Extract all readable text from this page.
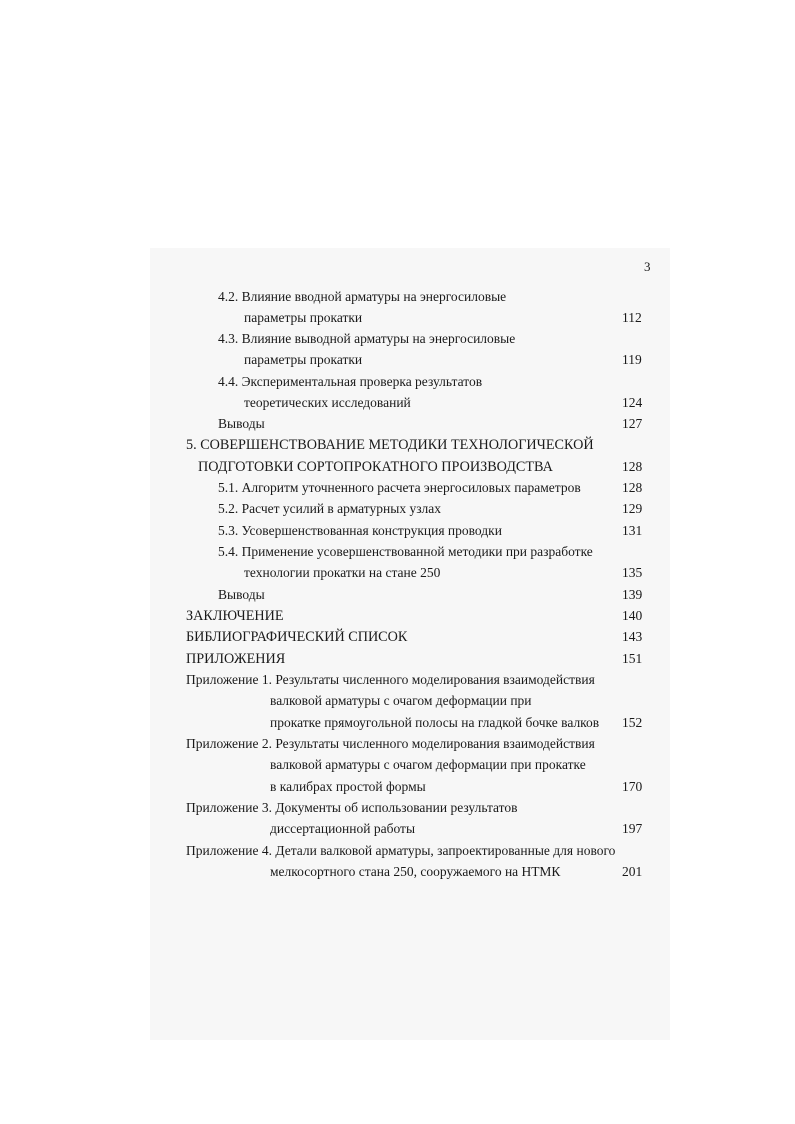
3
4.2. Влияние вводной арматуры на энергосиловые
параметры прокатки	112
4.3. Влияние выводной арматуры на энергосиловые
параметры прокатки	119
4.4. Экспериментальная проверка результатов
теоретических исследований	124
Выводы	127
5. СОВЕРШЕНСТВОВАНИЕ МЕТОДИКИ ТЕХНОЛОГИЧЕСКОЙ
ПОДГОТОВКИ СОРТОПРОКАТНОГО ПРОИЗВОДСТВА	128
5.1. Алгоритм уточненного расчета энергосиловых параметров	128
5.2. Расчет усилий в арматурных узлах	129
5.3. Усовершенствованная конструкция проводки	131
5.4. Применение усовершенствованной методики при разработке
технологии прокатки на стане 250	135
Выводы	139
ЗАКЛЮЧЕНИЕ	140
БИБЛИОГРАФИЧЕСКИЙ СПИСОК	143
ПРИЛОЖЕНИЯ	151
Приложение 1. Результаты численного моделирования взаимодействия
валковой арматуры с очагом деформации при
прокатке прямоугольной полосы на гладкой бочке валков 152
Приложение 2. Результаты численного моделирования взаимодействия
валковой арматуры с очагом деформации при прокатке
в калибрах простой формы	170
Приложение 3. Документы об использовании результатов
диссертационной работы	197
Приложение 4. Детали валковой арматуры, запроектированные для нового
мелкосортного стана 250, сооружаемого на НТМК	201
